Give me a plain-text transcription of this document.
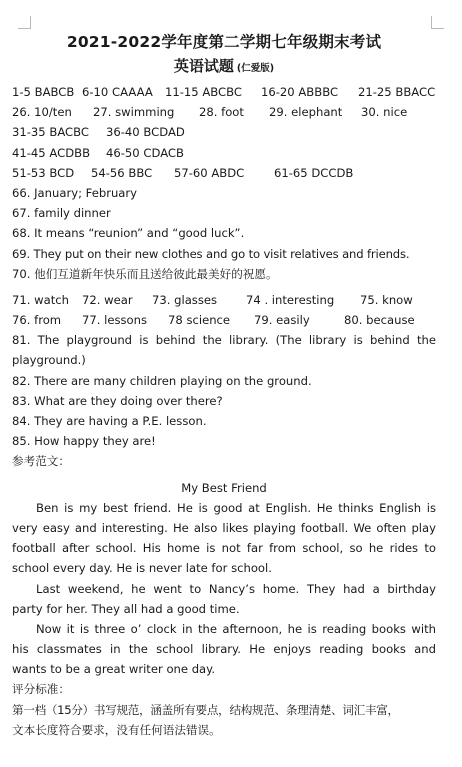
2021-2022学年度第二学期七年级期末考试
英语试题 (仁爱版)
1-5 BABCB 6-10 CAAAA	11-15 ABCBC	16-20 ABBBC	21-25 BBACC
26. 10/ten	27. swimming	28. foot	29. elephant	30. nice
31-35 BACBC	36-40 BCDAD
41-45 ACDBB	46-50 CDACB
51-53 BCD	54-56 BBC	57-60 ABDC	61-65 DCCDB
66. January; February
67. family dinner
68. It means “reunion” and “good luck”.
69. They put on their new clothes and go to visit relatives and friends.
70. 他们互道新年快乐而且送给彼此最美好的祝愿。
71. watch	72. wear	73. glasses	74 . interesting	75. know
76. from	77. lessons	78 science	79. easily	80. because
81. The playground is behind the library. (The library is behind the
playground.)
82. There are many children playing on the ground.
83. What are they doing over there?
84. They are having a P.E. lesson.
85. How happy they are!
参考范文：
My Best Friend
Ben is my best friend. He is good at English. He thinks English is
very easy and interesting. He also likes playing football. We often play
football after school. His home is not far from school, so he rides to
school every day. He is never late for school.
Last weekend, he went to Nancy’s home. They had a birthday
party for her. They all had a good time.
Now it is three o’ clock in the afternoon, he is reading books with
his classmates in the school library. He enjoys reading books and
wants to be a great writer one day.
评分标准：
第一档（15分）书写规范，涵盖所有要点，结构规范、条理清楚、词汇丰富，
文本长度符合要求，没有任何语法错误。
